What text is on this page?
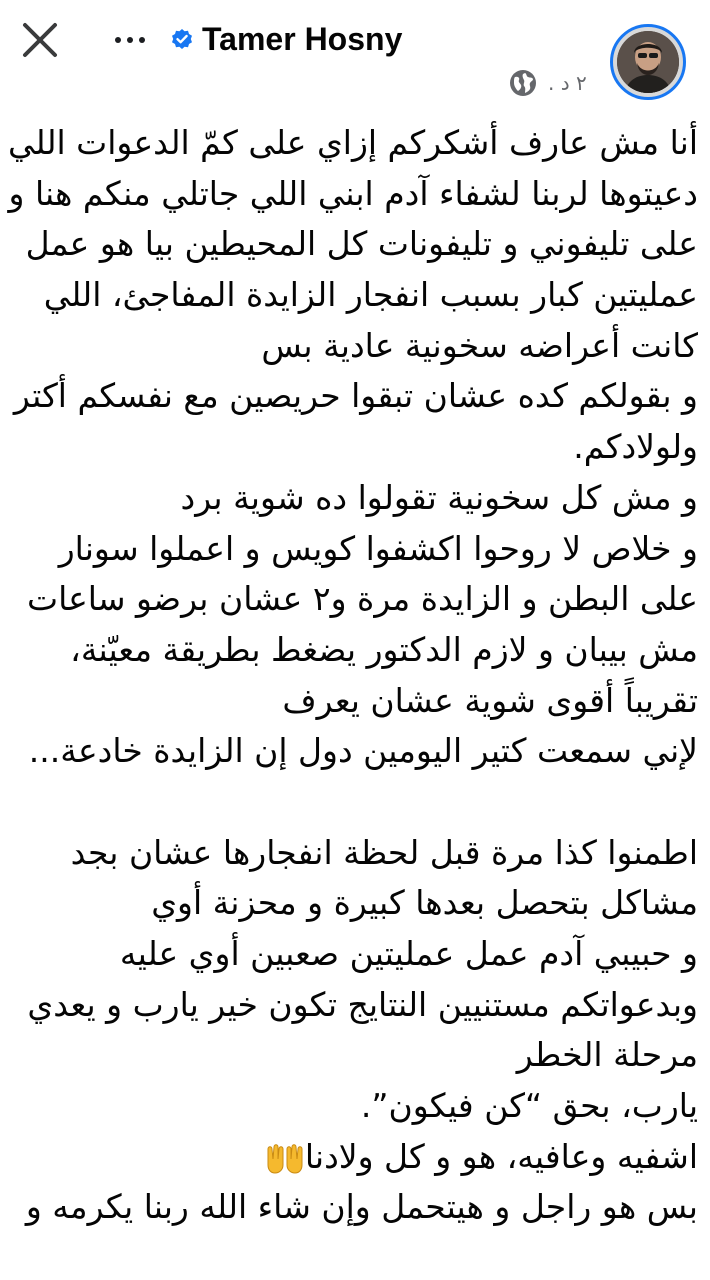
Tamer Hosny
٢ د .
أنا مش عارف أشكركم إزاي على كمّ الدعوات اللي
دعيتوها لربنا لشفاء آدم ابني اللي جاتلي منكم هنا و
على تليفوني و تليفونات كل المحيطين بيا هو عمل
عمليتين كبار بسبب انفجار الزايدة المفاجئ، اللي
كانت أعراضه سخونية عادية بس
و بقولكم كده عشان تبقوا حريصين مع نفسكم أكتر
ولولادكم.
و مش كل سخونية تقولوا ده شوية برد
و خلاص لا روحوا اكشفوا كويس و اعملوا سونار
على البطن و الزايدة مرة و٢ عشان برضو ساعات
مش بيبان و لازم الدكتور يضغط بطريقة معيّنة،
تقريباً أقوى شوية عشان يعرف
لإني سمعت كتير اليومين دول إن الزايدة خادعة...
اطمنوا كذا مرة قبل لحظة انفجارها عشان بجد
مشاكل بتحصل بعدها كبيرة و محزنة أوي
و حبيبي آدم عمل عمليتين صعبين أوي عليه
وبدعواتكم مستنيين النتايج تكون خير يارب و يعدي
مرحلة الخطر
يارب، بحق “كن فيكون”.
اشفيه وعافيه، هو و كل ولادنا
بس هو راجل و هيتحمل وإن شاء الله ربنا يكرمه و
